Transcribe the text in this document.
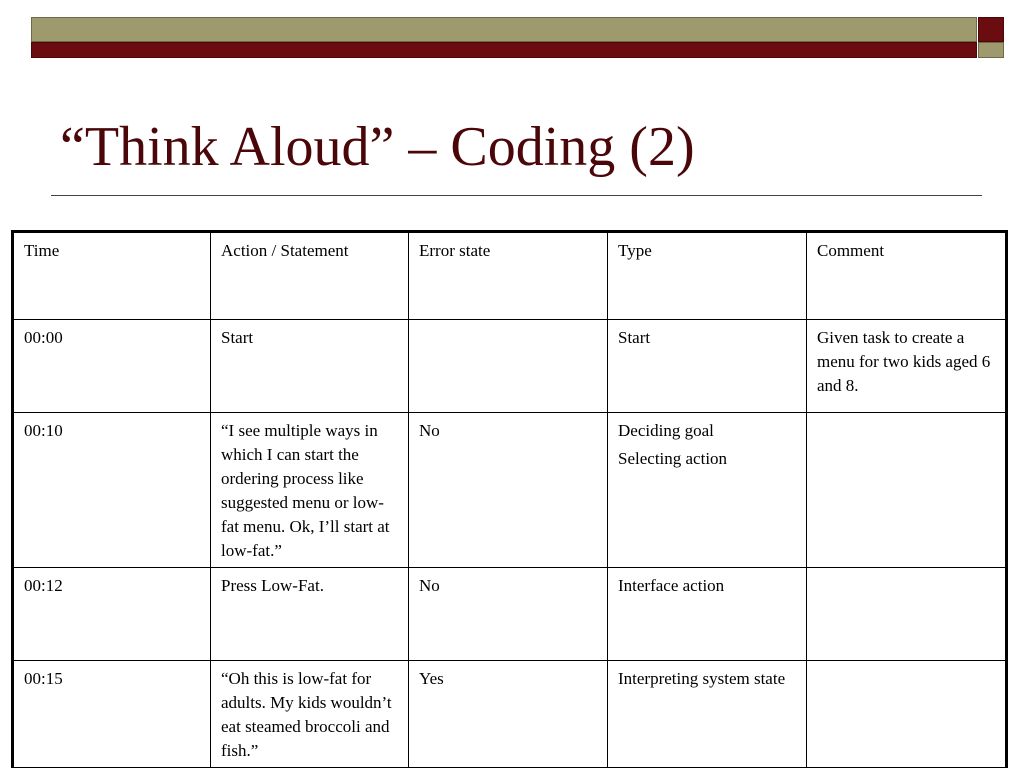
“Think Aloud” – Coding (2)
Time	Action / Statement	Error state	Type	Comment
00:00	Start		Start	Given task to create a menu for two kids aged 6 and 8.
00:10	“I see multiple ways in which I can start the ordering process like suggested menu or low-fat menu. Ok, I’ll start at low-fat.”	No	Deciding goal
Selecting action	

00:12	Press Low-Fat.	No	Interface action	

00:15	“Oh this is low-fat for adults. My kids wouldn’t eat steamed broccoli and fish.”	Yes	Interpreting system state	
